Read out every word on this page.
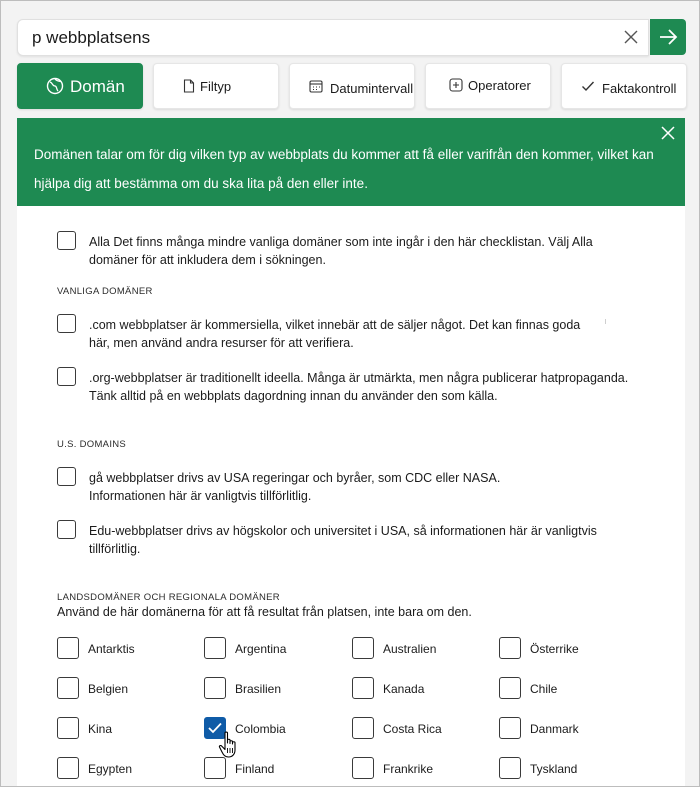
p webbplatsens
Domän	Filtyp	Datumintervall	Operatorer	Faktakontroll
Domänen talar om för dig vilken typ av webbplats du kommer att få eller varifrån den kommer, vilket kan hjälpa dig att bestämma om du ska lita på den eller inte.
Alla Det finns många mindre vanliga domäner som inte ingår i den här checklistan. Välj Alla
domäner för att inkludera dem i sökningen.
VANLIGA DOMÄNER
.com webbplatser är kommersiella, vilket innebär att de säljer något. Det kan finnas goda
här, men använd andra resurser för att verifiera.
.org-webbplatser är traditionellt ideella. Många är utmärkta, men några publicerar hatpropaganda.
Tänk alltid på en webbplats dagordning innan du använder den som källa.
U.S. DOMAINS
gå webbplatser drivs av USA regeringar och byråer, som CDC eller NASA.
Informationen här är vanligtvis tillförlitlig.
Edu-webbplatser drivs av högskolor och universitet i USA, så informationen här är vanligtvis
tillförlitlig.
LANDSDOMÄNER OCH REGIONALA DOMÄNER
Använd de här domänerna för att få resultat från platsen, inte bara om den.
Antarktis	Argentina	Australien	Österrike
Belgien	Brasilien	Kanada	Chile
Kina	Colombia	Costa Rica	Danmark
Egypten	Finland	Frankrike	Tyskland
